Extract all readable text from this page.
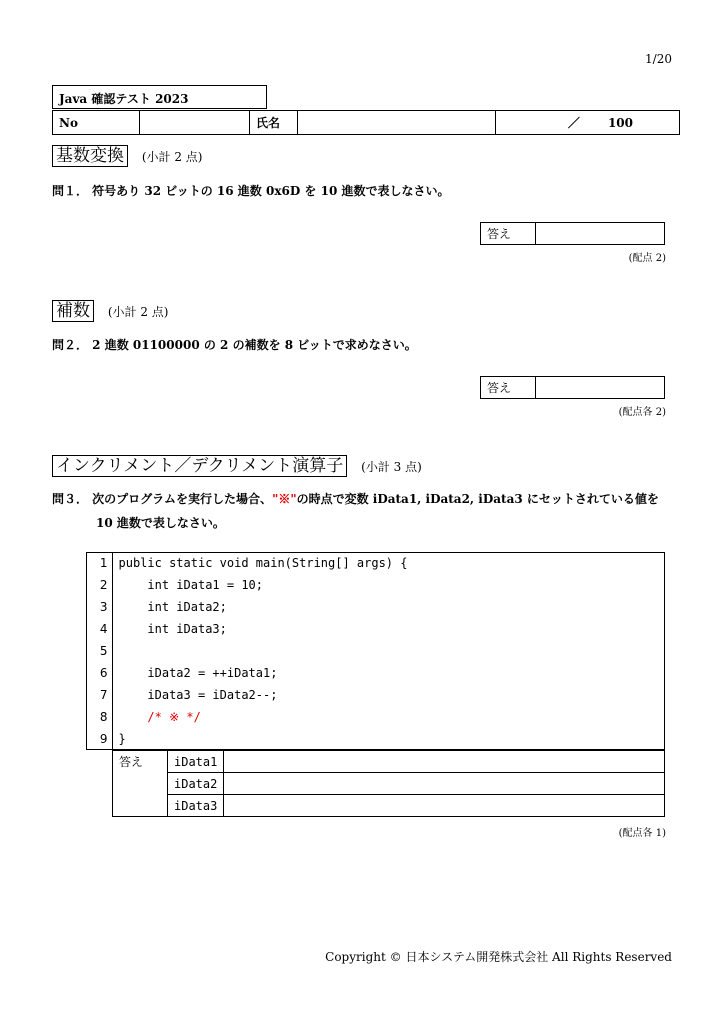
1/20
Java 確認テスト 2023
No		氏名		／ 100
基数変換 (小計 2 点)
問１． 符号あり 32 ビットの 16 進数 0x6D を 10 進数で表しなさい。
答え	
(配点 2)
補数 (小計 2 点)
問２． 2 進数 01100000 の 2 の補数を 8 ビットで求めなさい。
答え	
(配点各 2)
インクリメント／デクリメント演算子 (小計 3 点)
問３． 次のプログラムを実行した場合、"※"の時点で変数 iData1, iData2, iData3 にセットされている値を
10 進数で表しなさい。
1	public static void main(String[] args) {
2	int iData1 = 10;
3	int iData2;
4	int iData3;
5	
6	iData2 = ++iData1;
7	iData3 = iData2--;
8	/* ※ */
9	}
答え	iData1	
	iData2	
	iData3	
(配点各 1)
Copyright © 日本システム開発株式会社 All Rights Reserved
